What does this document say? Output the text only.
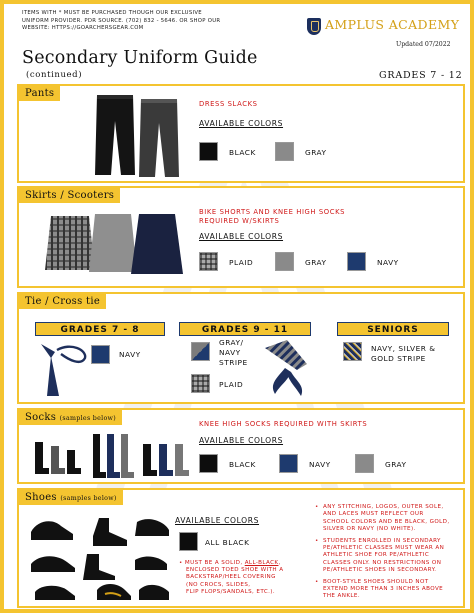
ITEMS WITH * MUST BE PURCHASED THOUGH OUR EXCLUSIVE
UNIFORM PROVIDER. PDR SOURCE. (702) 832 - 5646. OR SHOP OUR
WEBSITE: HTTPS://GOARCHERSGEAR.COM	AMPLUS ACADEMY
Updated 07/2022
Secondary Uniform Guide
(continued)	GRADES 7 - 12
Pants
DRESS SLACKS
AVAILABLE COLORS
BLACK	GRAY
Skirts / Scooters
BIKE SHORTS AND KNEE HIGH SOCKS
REQUIRED W/SKIRTS
AVAILABLE COLORS
PLAID	GRAY	NAVY
Tie / Cross tie
GRADES 7 - 8
NAVY
GRADES 9 - 11
GRAY/
NAVY
STRIPE
PLAID
SENIORS
NAVY, SILVER &
GOLD STRIPE
Socks (samples below)
KNEE HIGH SOCKS REQUIRED WITH SKIRTS
AVAILABLE COLORS
BLACK	NAVY	GRAY
Shoes (samples below)
AVAILABLE COLORS
ALL BLACK
• MUST BE A SOLID, ALL-BLACK,
ENCLOSED TOED SHOE WITH A
BACKSTRAP/HEEL COVERING
(NO CROCS, SLIDES,
FLIP FLOPS/SANDALS, ETC.).
• ANY STITCHING, LOGOS, OUTER SOLE,
AND LACES MUST REFLECT OUR
SCHOOL COLORS AND BE BLACK, GOLD,
SILVER OR NAVY (NO WHITE).
• STUDENTS ENROLLED IN SECONDARY
PE/ATHLETIC CLASSES MUST WEAR AN
ATHLETIC SHOE FOR PE/ATHLETIC
CLASSES ONLY. NO RESTRICTIONS ON
PE/ATHLETIC SHOES IN SECONDARY.
• BOOT-STYLE SHOES SHOULD NOT
EXTEND MORE THAN 3 INCHES ABOVE
THE ANKLE.
